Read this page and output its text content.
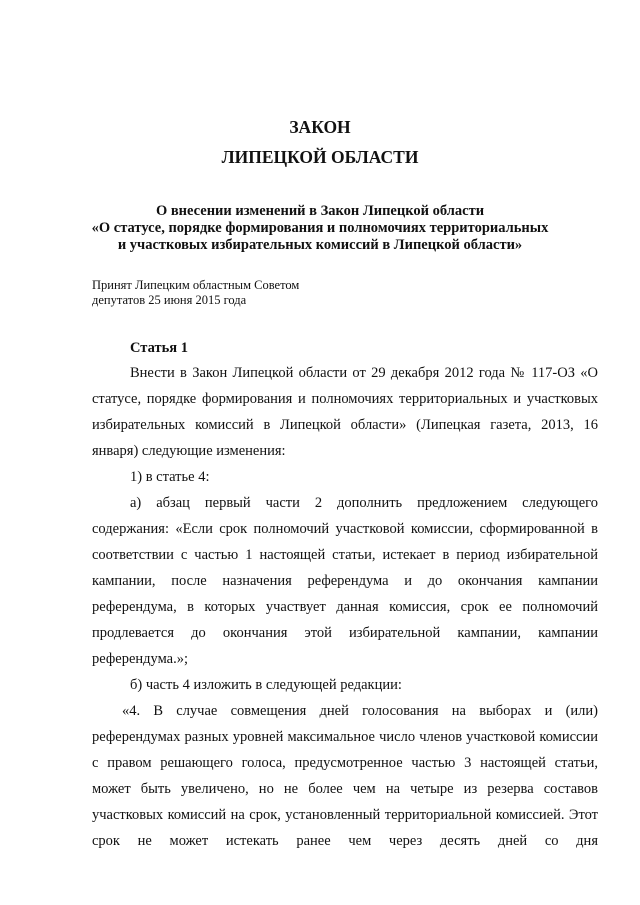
ЗАКОН
ЛИПЕЦКОЙ ОБЛАСТИ
О внесении изменений в Закон Липецкой области
«О статусе, порядке формирования и полномочиях территориальных
и участковых избирательных комиссий в Липецкой области»
Принят Липецким областным Советом
депутатов 25 июня 2015 года
Статья 1

Внести в Закон Липецкой области от 29 декабря 2012 года № 117-ОЗ «О статусе, порядке формирования и полномочиях территориальных и участковых избирательных комиссий в Липецкой области» (Липецкая газета, 2013, 16 января) следующие изменения:

1) в статье 4:

а) абзац первый части 2 дополнить предложением следующего содержания: «Если срок полномочий участковой комиссии, сформированной в соответствии с частью 1 настоящей статьи, истекает в период избирательной кампании, после назначения референдума и до окончания кампании референдума, в которых участвует данная комиссия, срок ее полномочий продлевается до окончания этой избирательной кампании, кампании референдума.»;

б) часть 4 изложить в следующей редакции:

«4. В случае совмещения дней голосования на выборах и (или) референдумах разных уровней максимальное число членов участковой комиссии с правом решающего голоса, предусмотренное частью 3 настоящей статьи, может быть увеличено, но не более чем на четыре из резерва составов участковых комиссий на срок, установленный территориальной комиссией. Этот срок не может истекать ранее чем через десять дней со дня
